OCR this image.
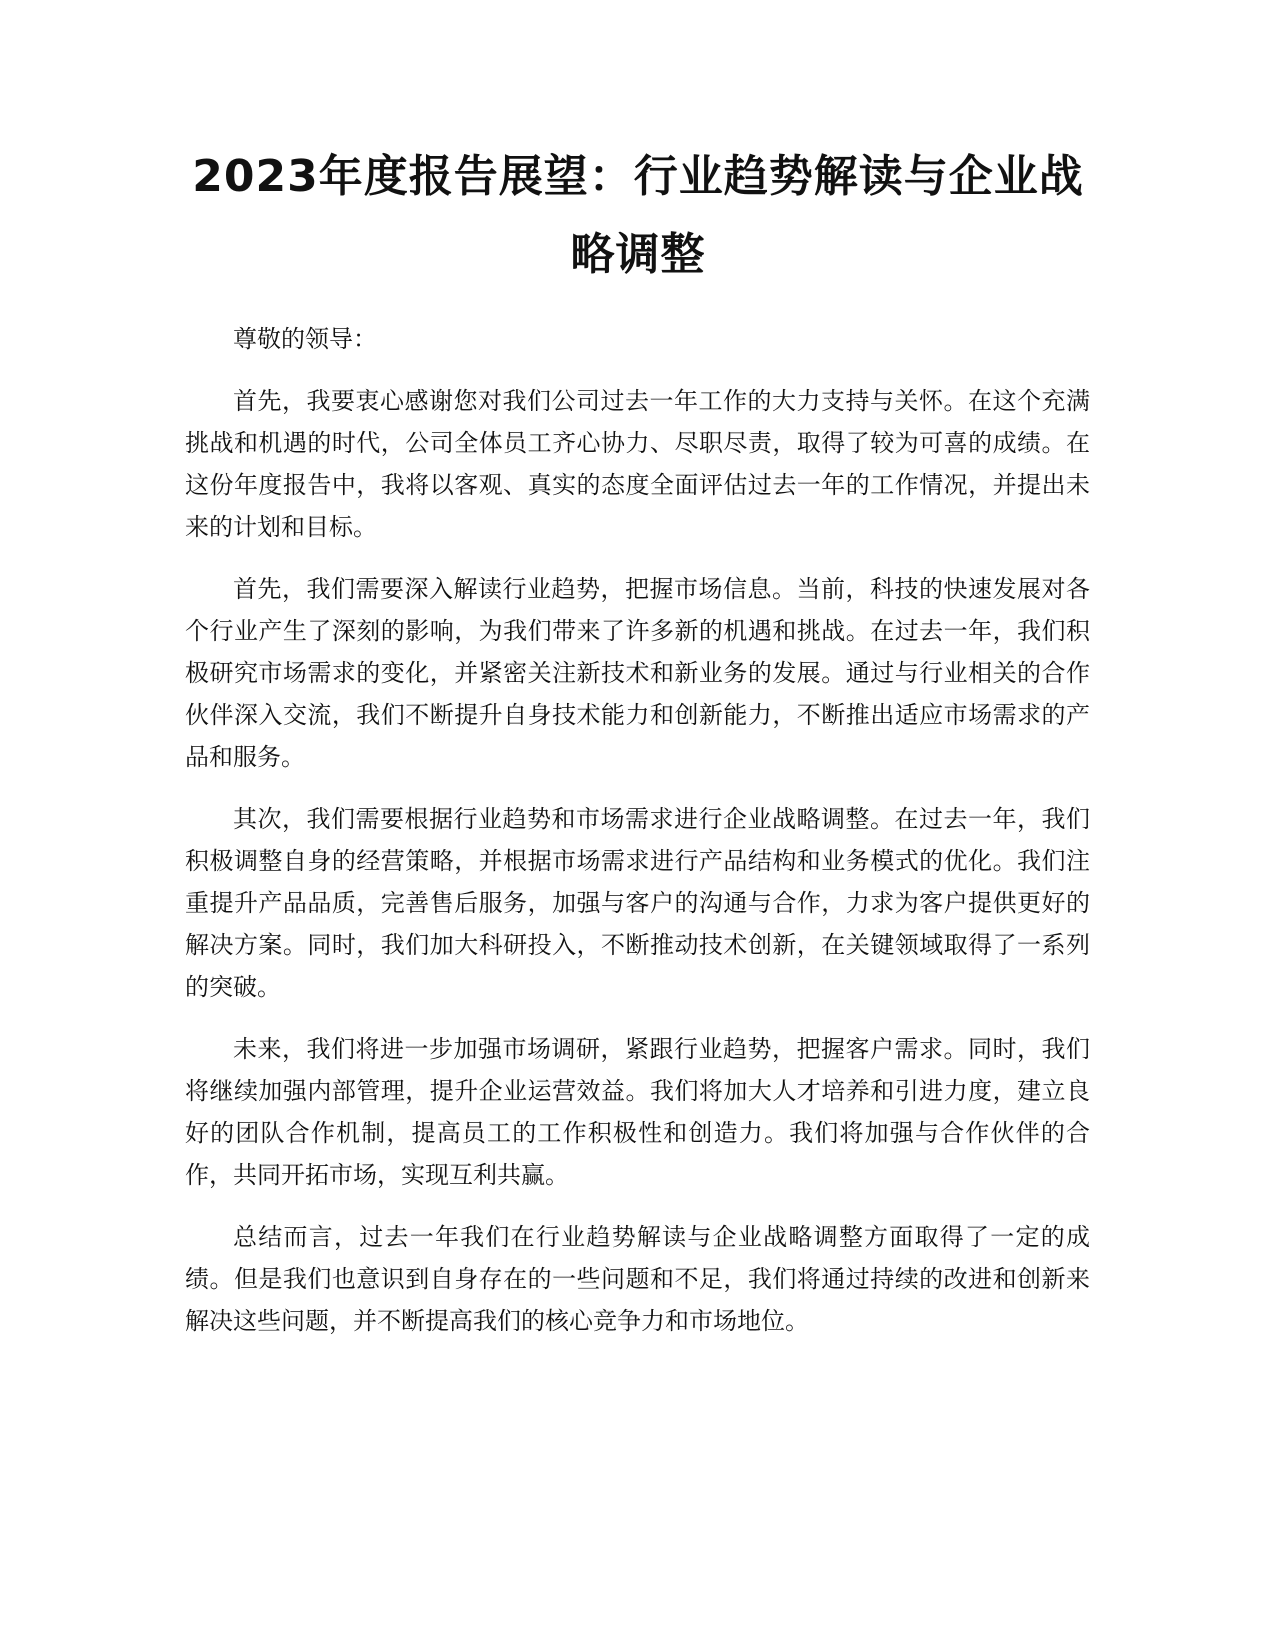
2023年度报告展望：行业趋势解读与企业战略调整

尊敬的领导：

首先，我要衷心感谢您对我们公司过去一年工作的大力支持与关怀。在这个充满挑战和机遇的时代，公司全体员工齐心协力、尽职尽责，取得了较为可喜的成绩。在这份年度报告中，我将以客观、真实的态度全面评估过去一年的工作情况，并提出未来的计划和目标。

首先，我们需要深入解读行业趋势，把握市场信息。当前，科技的快速发展对各个行业产生了深刻的影响，为我们带来了许多新的机遇和挑战。在过去一年，我们积极研究市场需求的变化，并紧密关注新技术和新业务的发展。通过与行业相关的合作伙伴深入交流，我们不断提升自身技术能力和创新能力，不断推出适应市场需求的产品和服务。

其次，我们需要根据行业趋势和市场需求进行企业战略调整。在过去一年，我们积极调整自身的经营策略，并根据市场需求进行产品结构和业务模式的优化。我们注重提升产品品质，完善售后服务，加强与客户的沟通与合作，力求为客户提供更好的解决方案。同时，我们加大科研投入，不断推动技术创新，在关键领域取得了一系列的突破。

未来，我们将进一步加强市场调研，紧跟行业趋势，把握客户需求。同时，我们将继续加强内部管理，提升企业运营效益。我们将加大人才培养和引进力度，建立良好的团队合作机制，提高员工的工作积极性和创造力。我们将加强与合作伙伴的合作，共同开拓市场，实现互利共赢。

总结而言，过去一年我们在行业趋势解读与企业战略调整方面取得了一定的成绩。但是我们也意识到自身存在的一些问题和不足，我们将通过持续的改进和创新来解决这些问题，并不断提高我们的核心竞争力和市场地位。
